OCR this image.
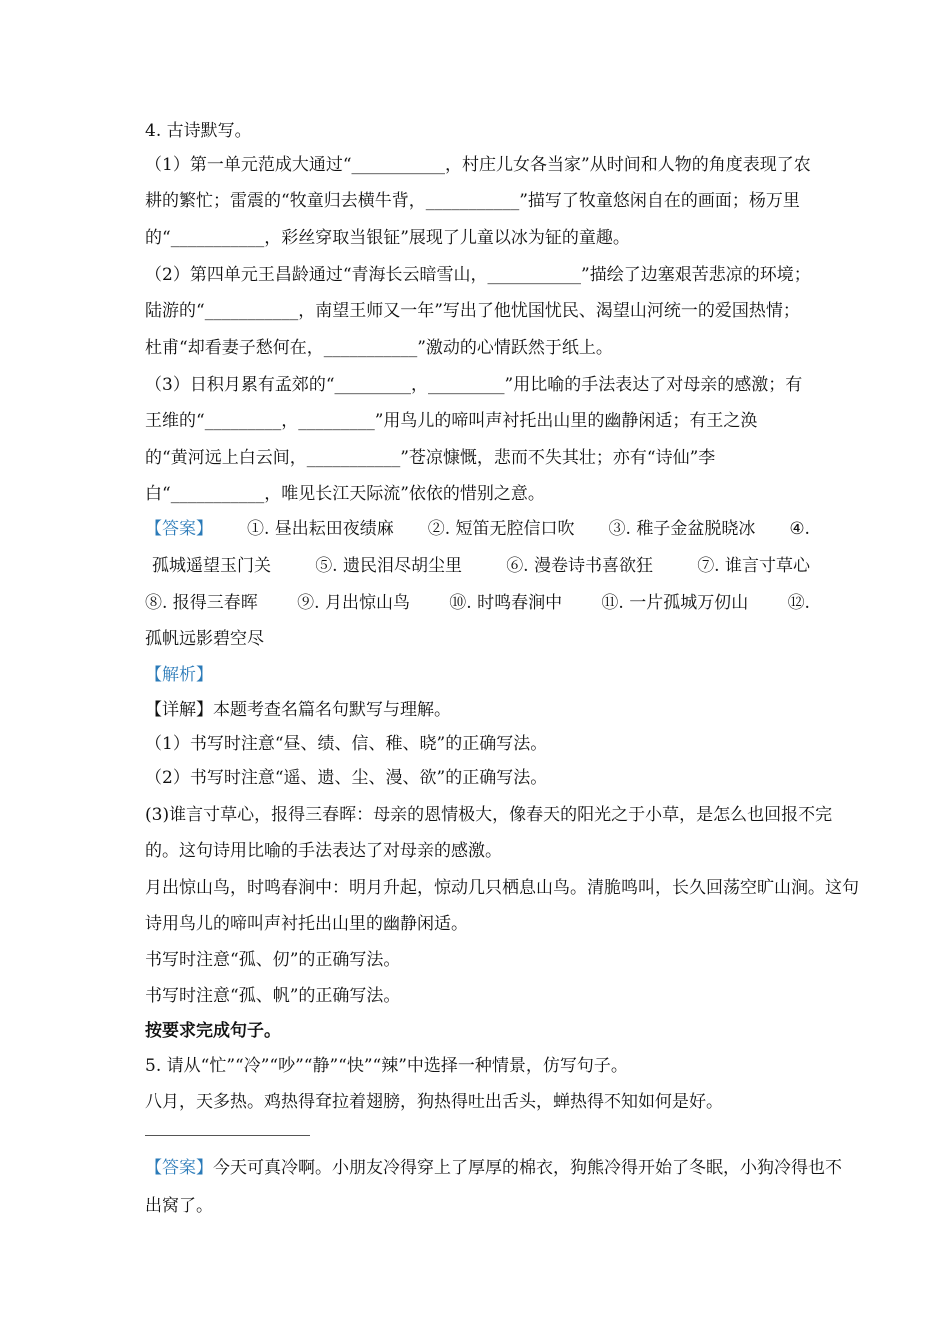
4. 古诗默写。
（1）第一单元范成大通过“___________，村庄儿女各当家”从时间和人物的角度表现了农
耕的繁忙；雷震的“牧童归去横牛背，___________”描写了牧童悠闲自在的画面；杨万里
的“___________，彩丝穿取当银钲”展现了儿童以冰为钲的童趣。
（2）第四单元王昌龄通过“青海长云暗雪山，___________”描绘了边塞艰苦悲凉的环境；
陆游的“___________，南望王师又一年”写出了他忧国忧民、渴望山河统一的爱国热情；
杜甫“却看妻子愁何在，___________”激动的心情跃然于纸上。
（3）日积月累有孟郊的“_________，_________”用比喻的手法表达了对母亲的感激；有
王维的“_________，_________”用鸟儿的啼叫声衬托出山里的幽静闲适；有王之涣
的“黄河远上白云间，___________”苍凉慷慨，悲而不失其壮；亦有“诗仙”李
白“___________，唯见长江天际流”依依的惜别之意。
【答案】 ①. 昼出耘田夜绩麻 ②. 短笛无腔信口吹 ③. 稚子金盆脱晓冰 ④.
孤城遥望玉门关	⑤. 遗民泪尽胡尘里	⑥. 漫卷诗书喜欲狂	⑦. 谁言寸草心
⑧. 报得三春晖 ⑨. 月出惊山鸟 ⑩. 时鸣春涧中 ⑪. 一片孤城万仞山 ⑫.
孤帆远影碧空尽
【解析】
【详解】本题考查名篇名句默写与理解。
（1）书写时注意“昼、绩、信、稚、晓”的正确写法。
（2）书写时注意“遥、遗、尘、漫、欲”的正确写法。
(3)谁言寸草心，报得三春晖：母亲的恩情极大，像春天的阳光之于小草，是怎么也回报不完
的。这句诗用比喻的手法表达了对母亲的感激。
月出惊山鸟，时鸣春涧中：明月升起，惊动几只栖息山鸟。清脆鸣叫，长久回荡空旷山涧。这句
诗用鸟儿的啼叫声衬托出山里的幽静闲适。
书写时注意“孤、仞”的正确写法。
书写时注意“孤、帆”的正确写法。
按要求完成句子。
5. 请从“忙”“冷”“吵”“静”“快”“辣”中选择一种情景，仿写句子。
八月，天多热。鸡热得耷拉着翅膀，狗热得吐出舌头，蝉热得不知如何是好。
【答案】今天可真冷啊。小朋友冷得穿上了厚厚的棉衣，狗熊冷得开始了冬眠，小狗冷得也不
出窝了。
